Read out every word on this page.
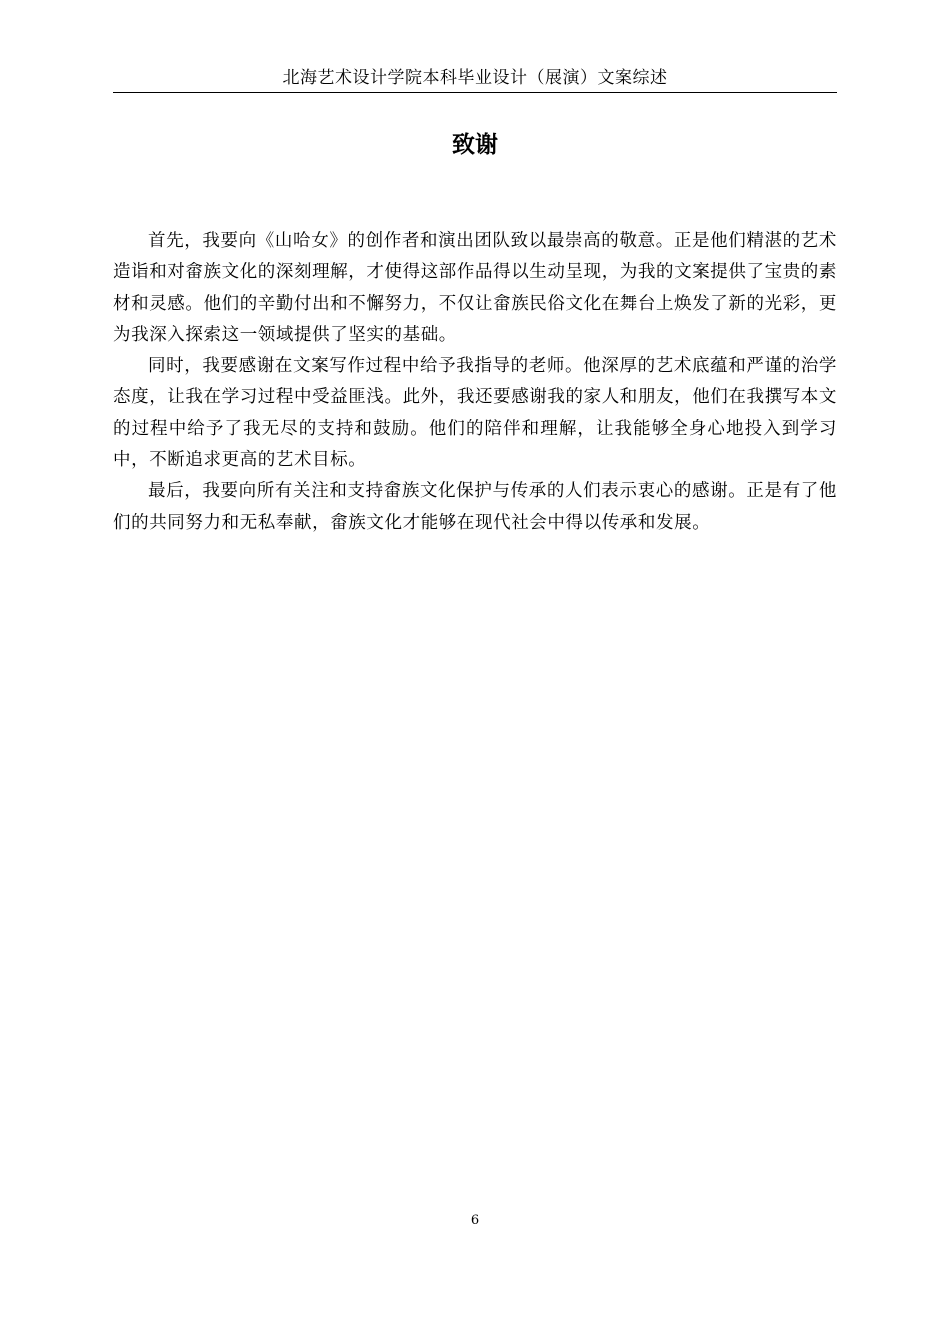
北海艺术设计学院本科毕业设计（展演）文案综述
致谢

首先，我要向《山哈女》的创作者和演出团队致以最崇高的敬意。正是他们精湛的艺术造诣和对畲族文化的深刻理解，才使得这部作品得以生动呈现，为我的文案提供了宝贵的素材和灵感。他们的辛勤付出和不懈努力，不仅让畲族民俗文化在舞台上焕发了新的光彩，更为我深入探索这一领域提供了坚实的基础。

同时，我要感谢在文案写作过程中给予我指导的老师。他深厚的艺术底蕴和严谨的治学态度，让我在学习过程中受益匪浅。此外，我还要感谢我的家人和朋友，他们在我撰写本文的过程中给予了我无尽的支持和鼓励。他们的陪伴和理解，让我能够全身心地投入到学习中，不断追求更高的艺术目标。

最后，我要向所有关注和支持畲族文化保护与传承的人们表示衷心的感谢。正是有了他们的共同努力和无私奉献，畲族文化才能够在现代社会中得以传承和发展。

6
